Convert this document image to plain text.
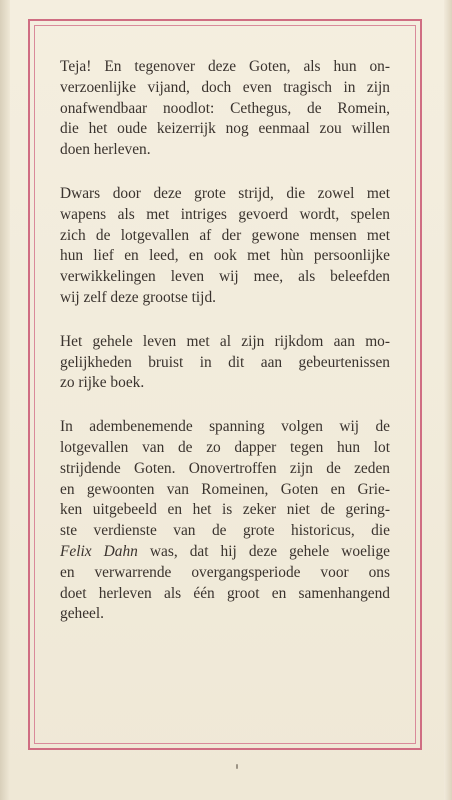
Teja! En tegenover deze Goten, als hun on-
verzoenlijke vijand, doch even tragisch in zijn
onafwendbaar noodlot: Cethegus, de Romein,
die het oude keizerrijk nog eenmaal zou willen
doen herleven.

Dwars door deze grote strijd, die zowel met
wapens als met intriges gevoerd wordt, spelen
zich de lotgevallen af der gewone mensen met
hun lief en leed, en ook met hùn persoonlijke
verwikkelingen leven wij mee, als beleefden
wij zelf deze grootse tijd.

Het gehele leven met al zijn rijkdom aan mo-
gelijkheden bruist in dit aan gebeurtenissen
zo rijke boek.

In adembenemende spanning volgen wij de
lotgevallen van de zo dapper tegen hun lot
strijdende Goten. Onovertroffen zijn de zeden
en gewoonten van Romeinen, Goten en Grie-
ken uitgebeeld en het is zeker niet de gering-
ste verdienste van de grote historicus, die
Felix Dahn was, dat hij deze gehele woelige
en verwarrende overgangsperiode voor ons
doet herleven als één groot en samenhangend
geheel.
